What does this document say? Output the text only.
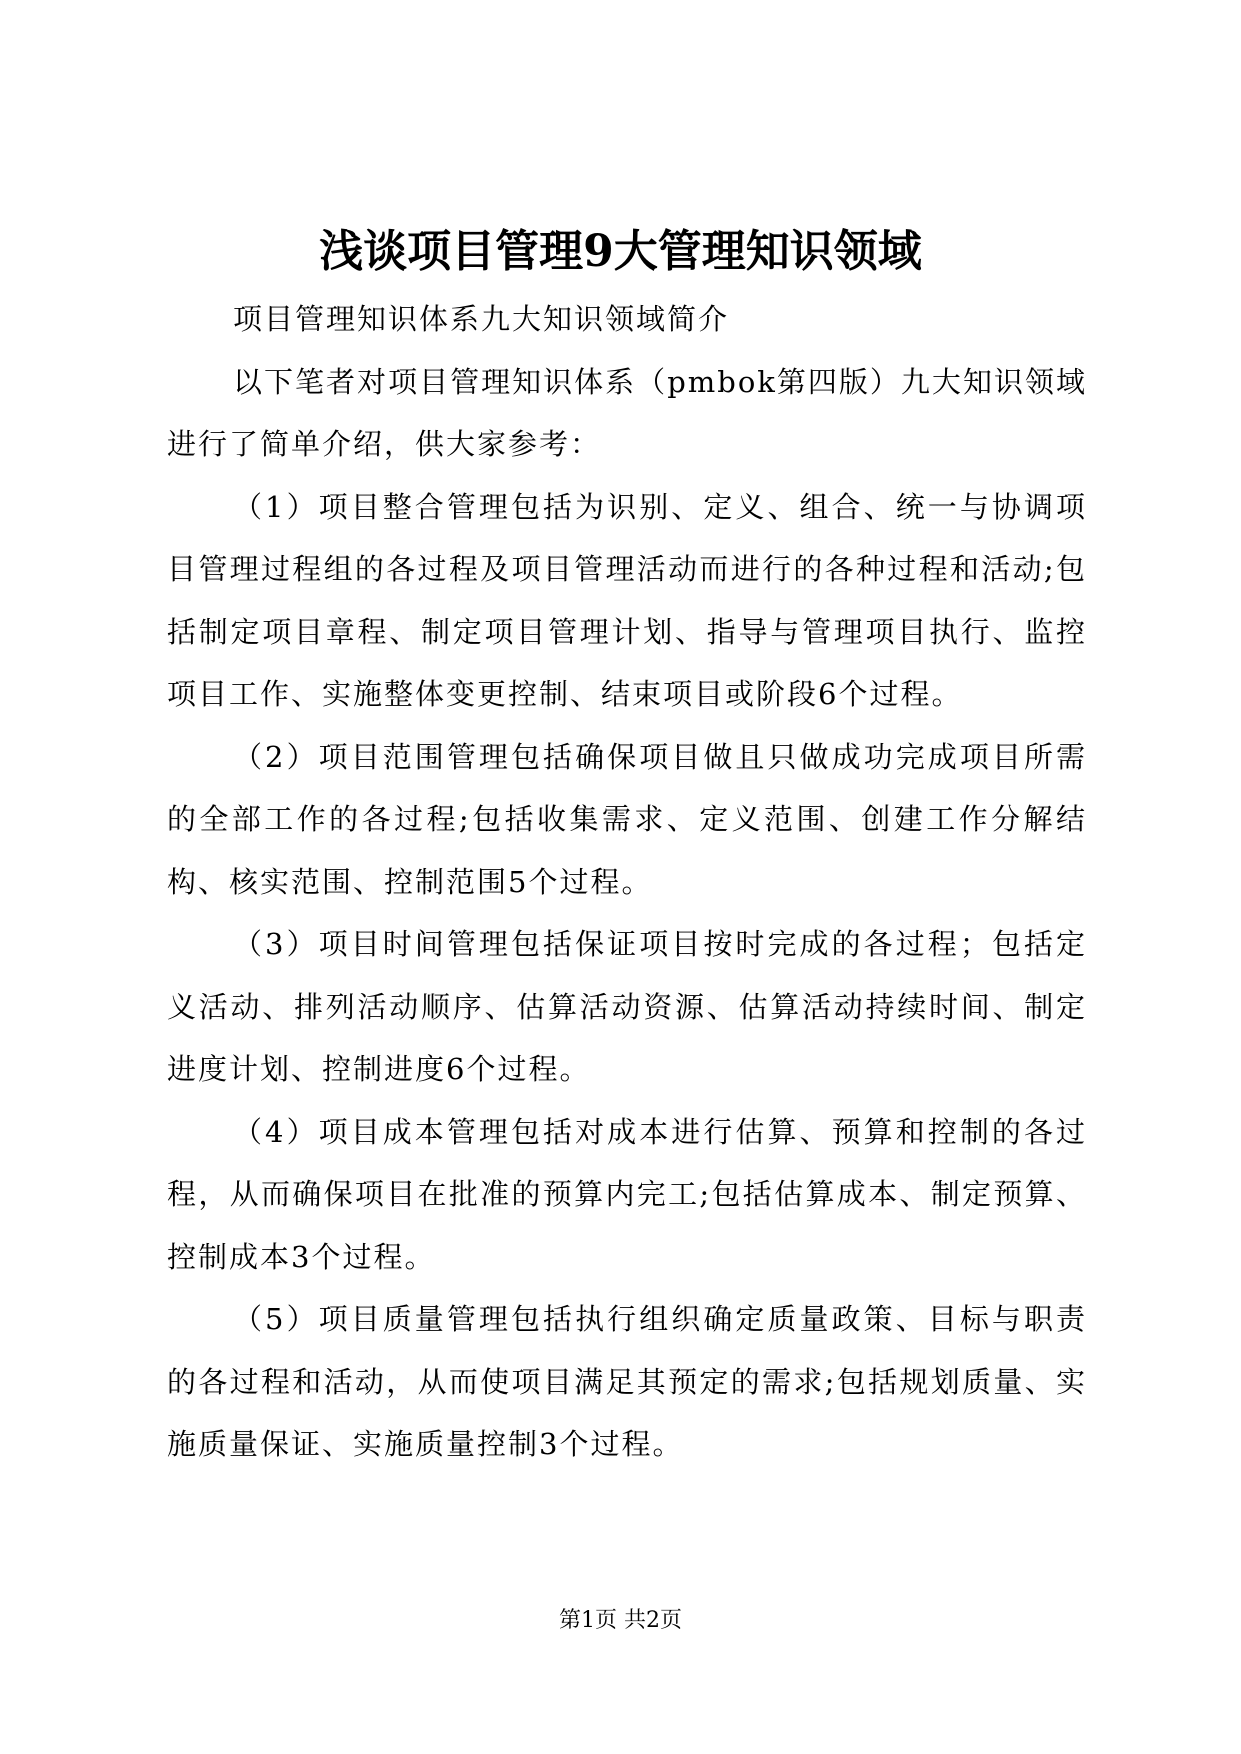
浅谈项目管理9大管理知识领域

项目管理知识体系九大知识领域简介

以下笔者对项目管理知识体系（pmbok第四版）九大知识领域进行了简单介绍，供大家参考：

（1）项目整合管理包括为识别、定义、组合、统一与协调项目管理过程组的各过程及项目管理活动而进行的各种过程和活动;包括制定项目章程、制定项目管理计划、指导与管理项目执行、监控项目工作、实施整体变更控制、结束项目或阶段6个过程。

（2）项目范围管理包括确保项目做且只做成功完成项目所需的全部工作的各过程;包括收集需求、定义范围、创建工作分解结构、核实范围、控制范围5个过程。

（3）项目时间管理包括保证项目按时完成的各过程；包括定义活动、排列活动顺序、估算活动资源、估算活动持续时间、制定进度计划、控制进度6个过程。

（4）项目成本管理包括对成本进行估算、预算和控制的各过程，从而确保项目在批准的预算内完工;包括估算成本、制定预算、控制成本3个过程。

（5）项目质量管理包括执行组织确定质量政策、目标与职责的各过程和活动，从而使项目满足其预定的需求;包括规划质量、实施质量保证、实施质量控制3个过程。

第1页 共2页
